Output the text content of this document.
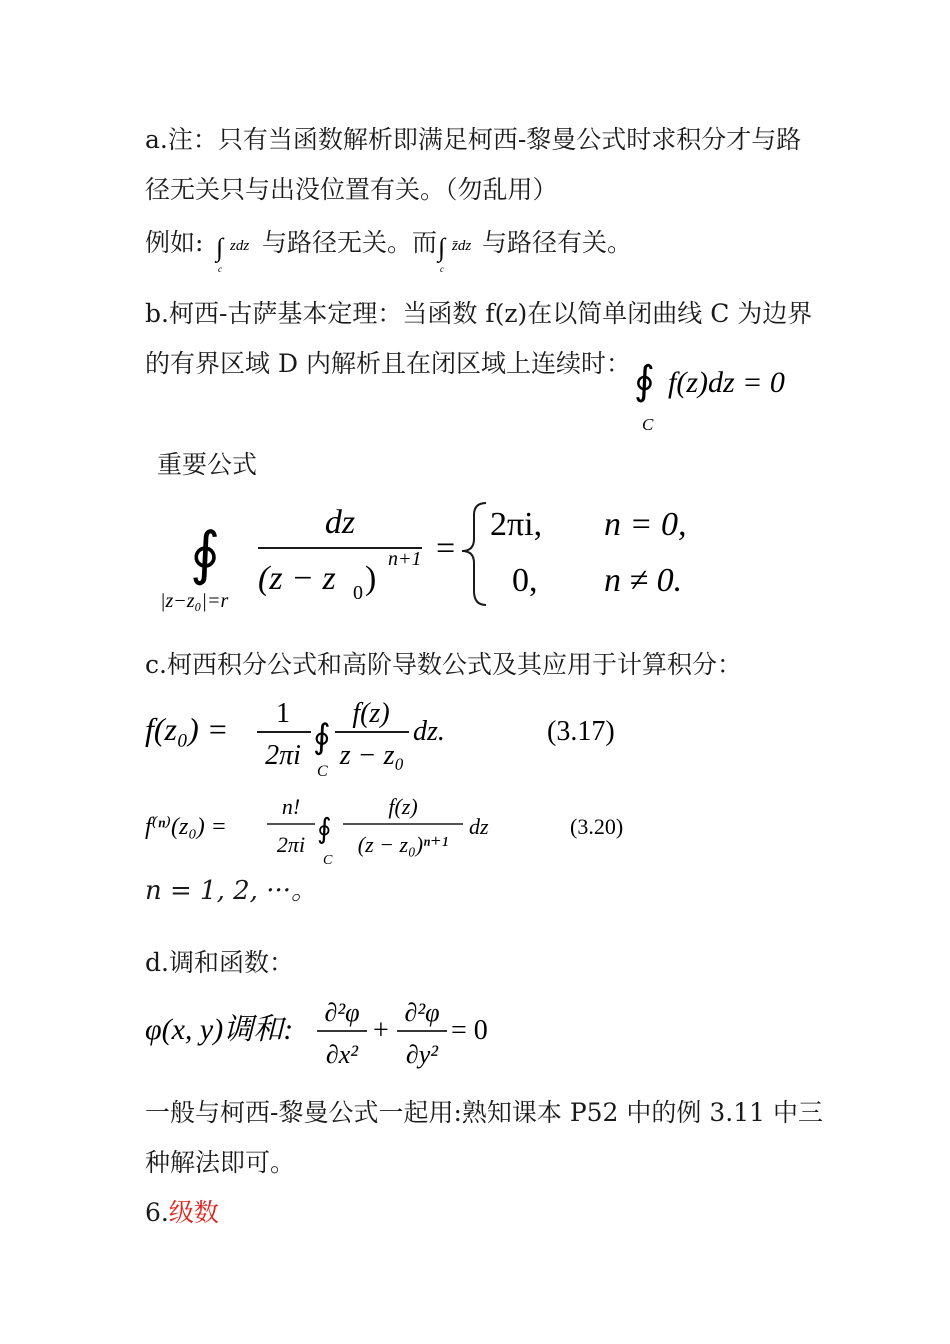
a.注：只有当函数解析即满足柯西-黎曼公式时求积分才与路
径无关只与出没位置有关。（勿乱用）
例如: ∫ zdz
c
与路径无关。而 ∫ z̄dz
c
与路径有关。
b.柯西-古萨基本定理：当函数 f(z)在以简单闭曲线 C 为边界
的有界区域 D 内解析且在闭区域上连续时： ∮ f(z)dz = 0
C
重要公式
∮
|z−z₀|=r
dz
(z − z 0
n+1
)
=
2πi, n = 0,
0, n ≠ 0.
c.柯西积分公式和高阶导数公式及其应用于计算积分：
f(z₀) = 1
2πi ∮
C
f(z)
z − z₀
dz.	(3.17)
f⁽ⁿ⁾(z₀) =
n!
2πi ∮
C
f(z)
(z − z₀)ⁿ⁺¹
dz	(3.20)
n = 1, 2, ···。
d.调和函数：
φ(x, y)调和:
∂²φ
∂x²
+
∂²φ
∂y²
= 0
一般与柯西-黎曼公式一起用:熟知课本 P52 中的例 3.11 中三
种解法即可。
6.级数
